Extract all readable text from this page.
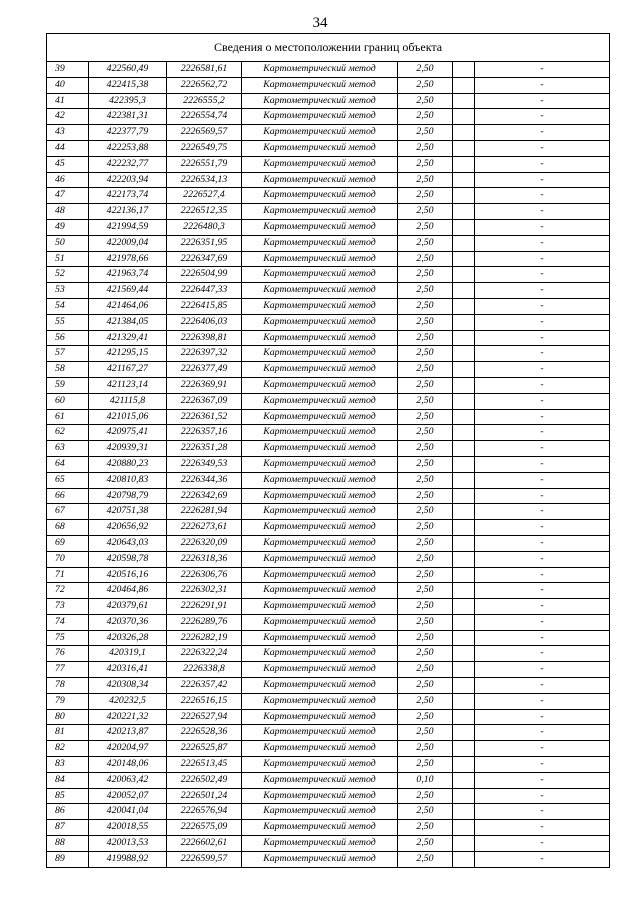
34
Сведения о местоположении границ объекта						
39	422560,49	2226581,61	Картометрический метод	2,50		-
40	422415,38	2226562,72	Картометрический метод	2,50		-
41	422395,3	2226555,2	Картометрический метод	2,50		-
42	422381,31	2226554,74	Картометрический метод	2,50		-
43	422377,79	2226569,57	Картометрический метод	2,50		-
44	422253,88	2226549,75	Картометрический метод	2,50		-
45	422232,77	2226551,79	Картометрический метод	2,50		-
46	422203,94	2226534,13	Картометрический метод	2,50		-
47	422173,74	2226527,4	Картометрический метод	2,50		-
48	422136,17	2226512,35	Картометрический метод	2,50		-
49	421994,59	2226480,3	Картометрический метод	2,50		-
50	422009,04	2226351,95	Картометрический метод	2,50		-
51	421978,66	2226347,69	Картометрический метод	2,50		-
52	421963,74	2226504,99	Картометрический метод	2,50		-
53	421569,44	2226447,33	Картометрический метод	2,50		-
54	421464,06	2226415,85	Картометрический метод	2,50		-
55	421384,05	2226406,03	Картометрический метод	2,50		-
56	421329,41	2226398,81	Картометрический метод	2,50		-
57	421295,15	2226397,32	Картометрический метод	2,50		-
58	421167,27	2226377,49	Картометрический метод	2,50		-
59	421123,14	2226369,91	Картометрический метод	2,50		-
60	421115,8	2226367,09	Картометрический метод	2,50		-
61	421015,06	2226361,52	Картометрический метод	2,50		-
62	420975,41	2226357,16	Картометрический метод	2,50		-
63	420939,31	2226351,28	Картометрический метод	2,50		-
64	420880,23	2226349,53	Картометрический метод	2,50		-
65	420810,83	2226344,36	Картометрический метод	2,50		-
66	420798,79	2226342,69	Картометрический метод	2,50		-
67	420751,38	2226281,94	Картометрический метод	2,50		-
68	420656,92	2226273,61	Картометрический метод	2,50		-
69	420643,03	2226320,09	Картометрический метод	2,50		-
70	420598,78	2226318,36	Картометрический метод	2,50		-
71	420516,16	2226306,76	Картометрический метод	2,50		-
72	420464,86	2226302,31	Картометрический метод	2,50		-
73	420379,61	2226291,91	Картометрический метод	2,50		-
74	420370,36	2226289,76	Картометрический метод	2,50		-
75	420326,28	2226282,19	Картометрический метод	2,50		-
76	420319,1	2226322,24	Картометрический метод	2,50		-
77	420316,41	2226338,8	Картометрический метод	2,50		-
78	420308,34	2226357,42	Картометрический метод	2,50		-
79	420232,5	2226516,15	Картометрический метод	2,50		-
80	420221,32	2226527,94	Картометрический метод	2,50		-
81	420213,87	2226528,36	Картометрический метод	2,50		-
82	420204,97	2226525,87	Картометрический метод	2,50		-
83	420148,06	2226513,45	Картометрический метод	2,50		-
84	420063,42	2226502,49	Картометрический метод	0,10		-
85	420052,07	2226501,24	Картометрический метод	2,50		-
86	420041,04	2226576,94	Картометрический метод	2,50		-
87	420018,55	2226575,09	Картометрический метод	2,50		-
88	420013,53	2226602,61	Картометрический метод	2,50		-
89	419988,92	2226599,57	Картометрический метод	2,50		-
